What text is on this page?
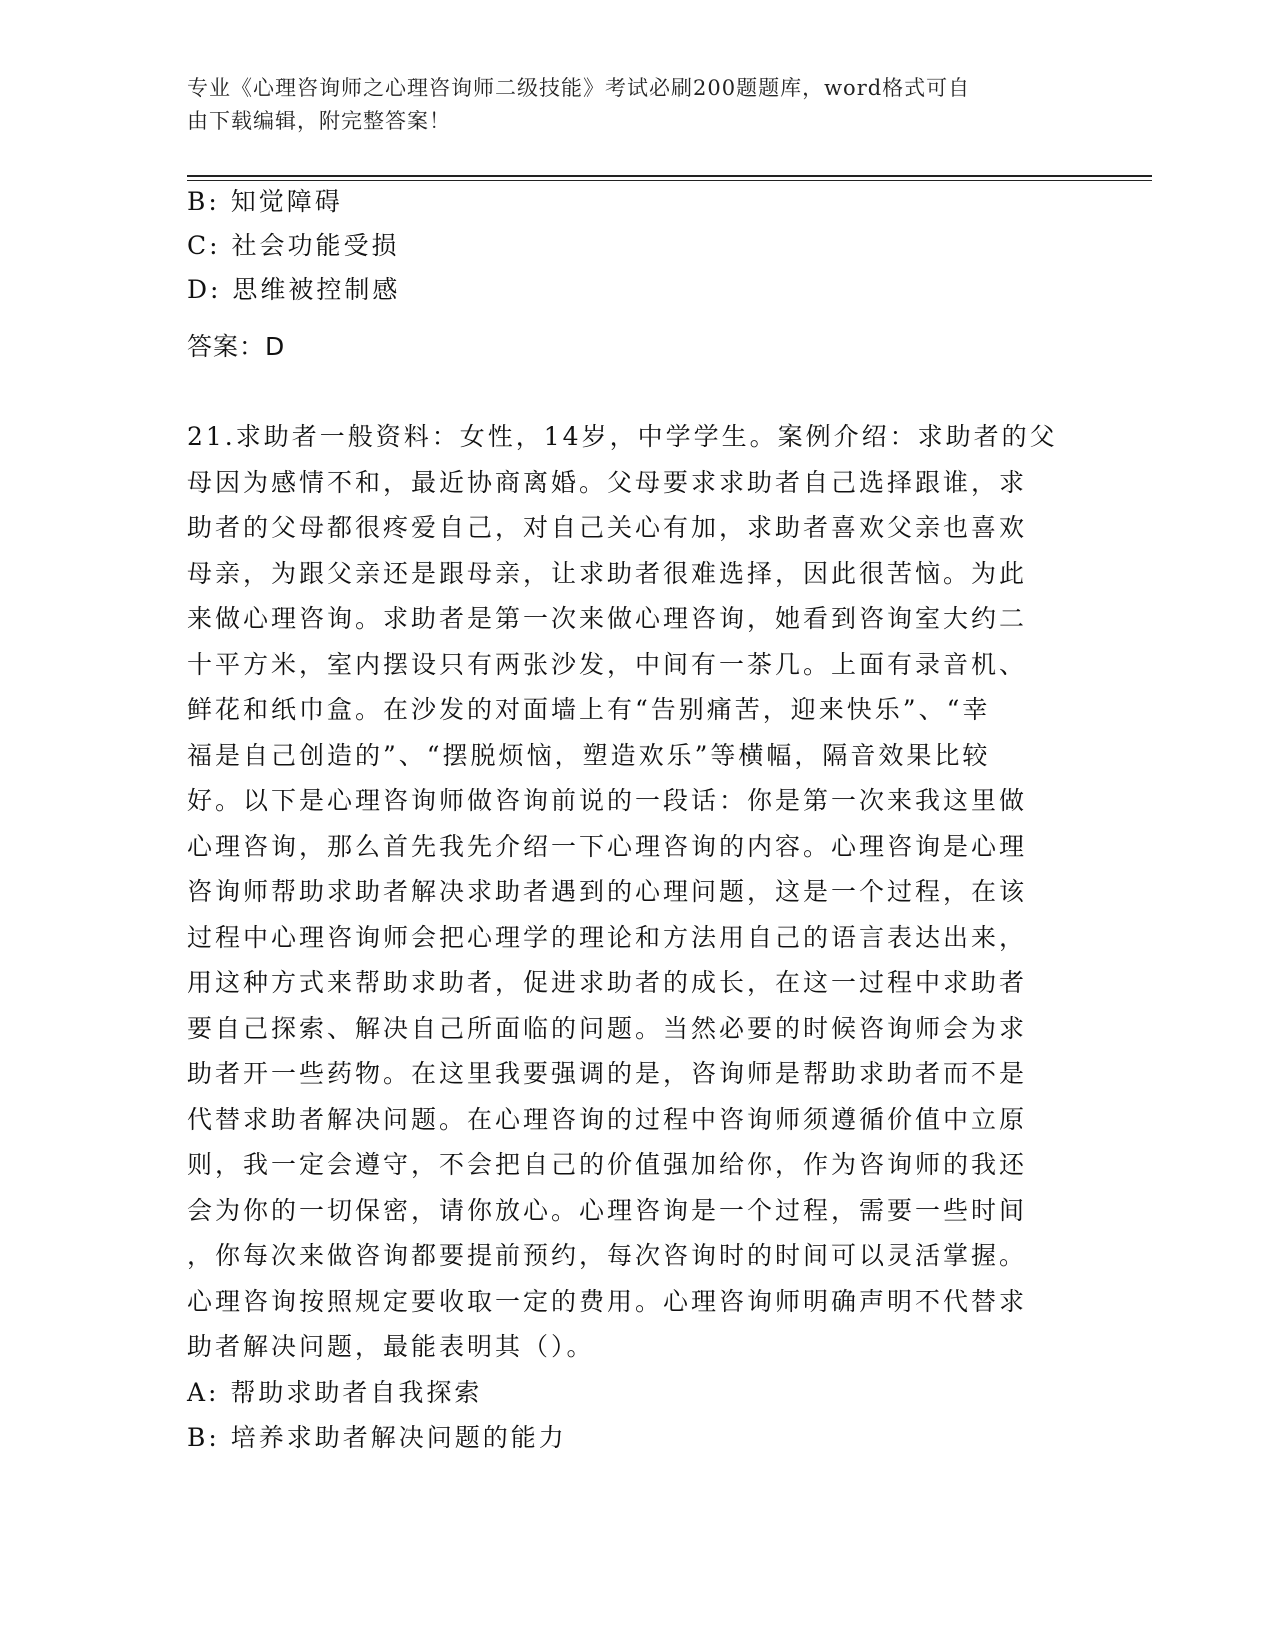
专业《心理咨询师之心理咨询师二级技能》考试必刷200题题库，word格式可自
由下载编辑，附完整答案！
B: 知觉障碍
C: 社会功能受损
D: 思维被控制感
答案：D
21.求助者一般资料：女性，14岁，中学学生。案例介绍：求助者的父
母因为感情不和，最近协商离婚。父母要求求助者自己选择跟谁，求
助者的父母都很疼爱自己，对自己关心有加，求助者喜欢父亲也喜欢
母亲，为跟父亲还是跟母亲，让求助者很难选择，因此很苦恼。为此
来做心理咨询。求助者是第一次来做心理咨询，她看到咨询室大约二
十平方米，室内摆设只有两张沙发，中间有一茶几。上面有录音机、
鲜花和纸巾盒。在沙发的对面墙上有“告别痛苦，迎来快乐”、“幸
福是自己创造的”、“摆脱烦恼，塑造欢乐”等横幅，隔音效果比较
好。以下是心理咨询师做咨询前说的一段话：你是第一次来我这里做
心理咨询，那么首先我先介绍一下心理咨询的内容。心理咨询是心理
咨询师帮助求助者解决求助者遇到的心理问题，这是一个过程，在该
过程中心理咨询师会把心理学的理论和方法用自己的语言表达出来，
用这种方式来帮助求助者，促进求助者的成长，在这一过程中求助者
要自己探索、解决自己所面临的问题。当然必要的时候咨询师会为求
助者开一些药物。在这里我要强调的是，咨询师是帮助求助者而不是
代替求助者解决问题。在心理咨询的过程中咨询师须遵循价值中立原
则，我一定会遵守，不会把自己的价值强加给你，作为咨询师的我还
会为你的一切保密，请你放心。心理咨询是一个过程，需要一些时间
，你每次来做咨询都要提前预约，每次咨询时的时间可以灵活掌握。
心理咨询按照规定要收取一定的费用。心理咨询师明确声明不代替求
助者解决问题，最能表明其（）。
A: 帮助求助者自我探索
B: 培养求助者解决问题的能力
